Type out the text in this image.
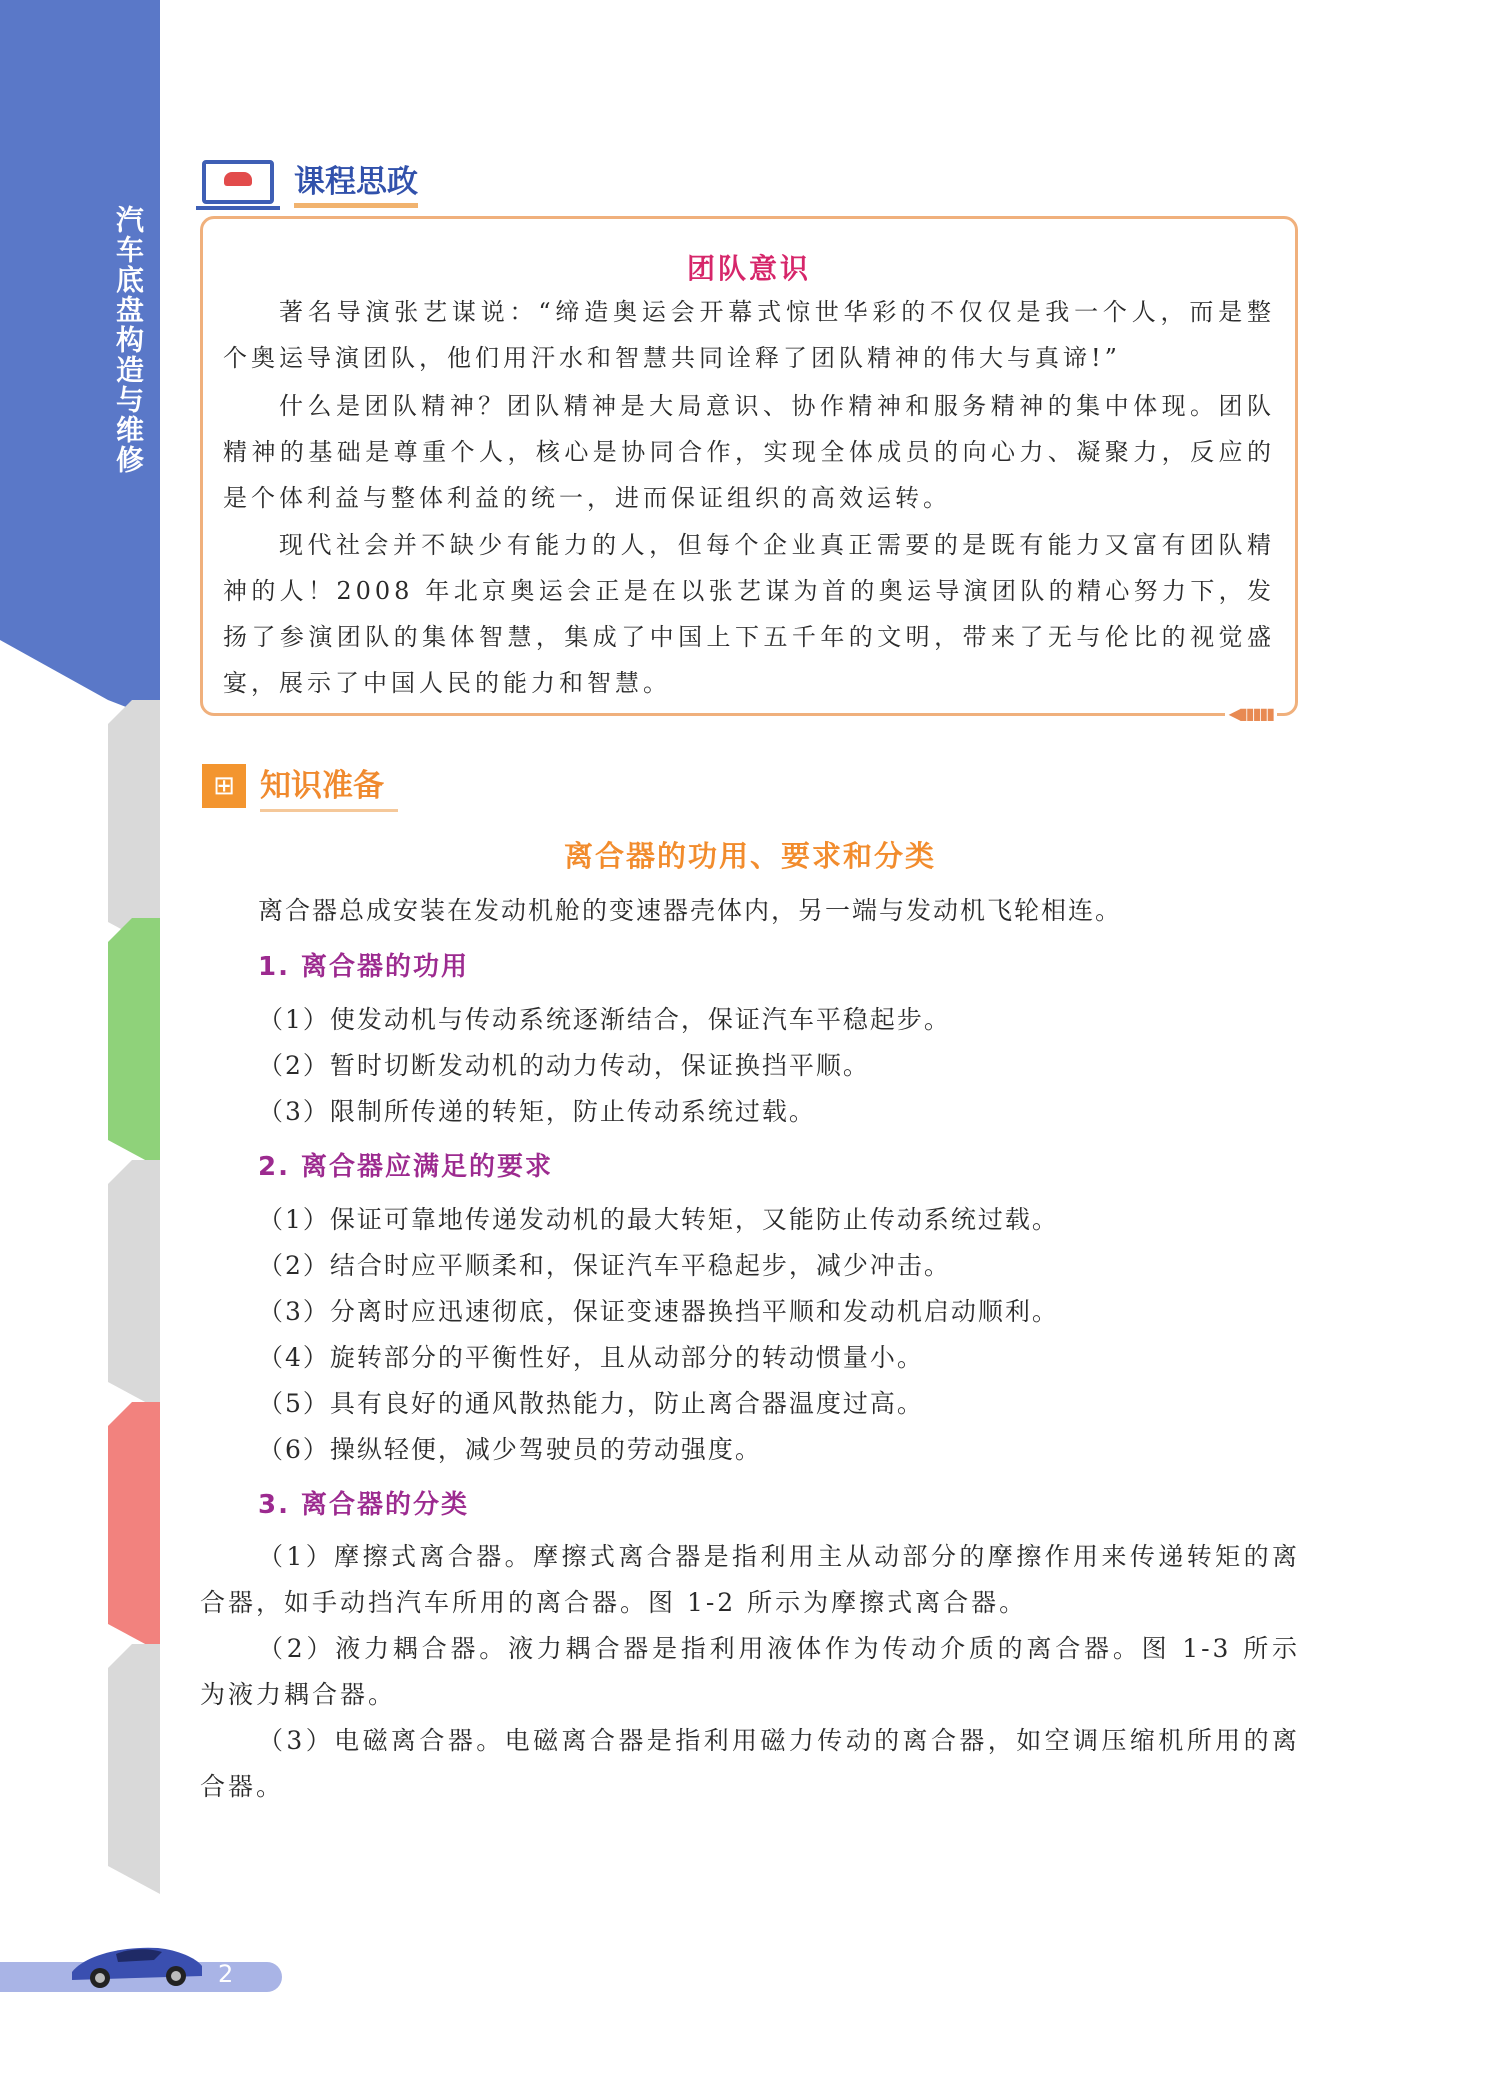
汽车底盘构造与维修
课程思政
团队意识
著名导演张艺谋说：“缔造奥运会开幕式惊世华彩的不仅仅是我一个人，而是整个奥运导演团队，他们用汗水和智慧共同诠释了团队精神的伟大与真谛!”
什么是团队精神？团队精神是大局意识、协作精神和服务精神的集中体现。团队精神的基础是尊重个人，核心是协同合作，实现全体成员的向心力、凝聚力，反应的是个体利益与整体利益的统一，进而保证组织的高效运转。
现代社会并不缺少有能力的人，但每个企业真正需要的是既有能力又富有团队精神的人！2008 年北京奥运会正是在以张艺谋为首的奥运导演团队的精心努力下，发扬了参演团队的集体智慧，集成了中国上下五千年的文明，带来了无与伦比的视觉盛宴，展示了中国人民的能力和智慧。
◀▮▮▮▮▮
⊞ 知识准备
离合器的功用、要求和分类
离合器总成安装在发动机舱的变速器壳体内，另一端与发动机飞轮相连。
1. 离合器的功用
（1）使发动机与传动系统逐渐结合，保证汽车平稳起步。
（2）暂时切断发动机的动力传动，保证换挡平顺。
（3）限制所传递的转矩，防止传动系统过载。
2. 离合器应满足的要求
（1）保证可靠地传递发动机的最大转矩，又能防止传动系统过载。
（2）结合时应平顺柔和，保证汽车平稳起步，减少冲击。
（3）分离时应迅速彻底，保证变速器换挡平顺和发动机启动顺利。
（4）旋转部分的平衡性好，且从动部分的转动惯量小。
（5）具有良好的通风散热能力，防止离合器温度过高。
（6）操纵轻便，减少驾驶员的劳动强度。
3. 离合器的分类
（1）摩擦式离合器。摩擦式离合器是指利用主从动部分的摩擦作用来传递转矩的离合器，如手动挡汽车所用的离合器。图 1-2 所示为摩擦式离合器。
（2）液力耦合器。液力耦合器是指利用液体作为传动介质的离合器。图 1-3 所示为液力耦合器。
（3）电磁离合器。电磁离合器是指利用磁力传动的离合器，如空调压缩机所用的离合器。
2
